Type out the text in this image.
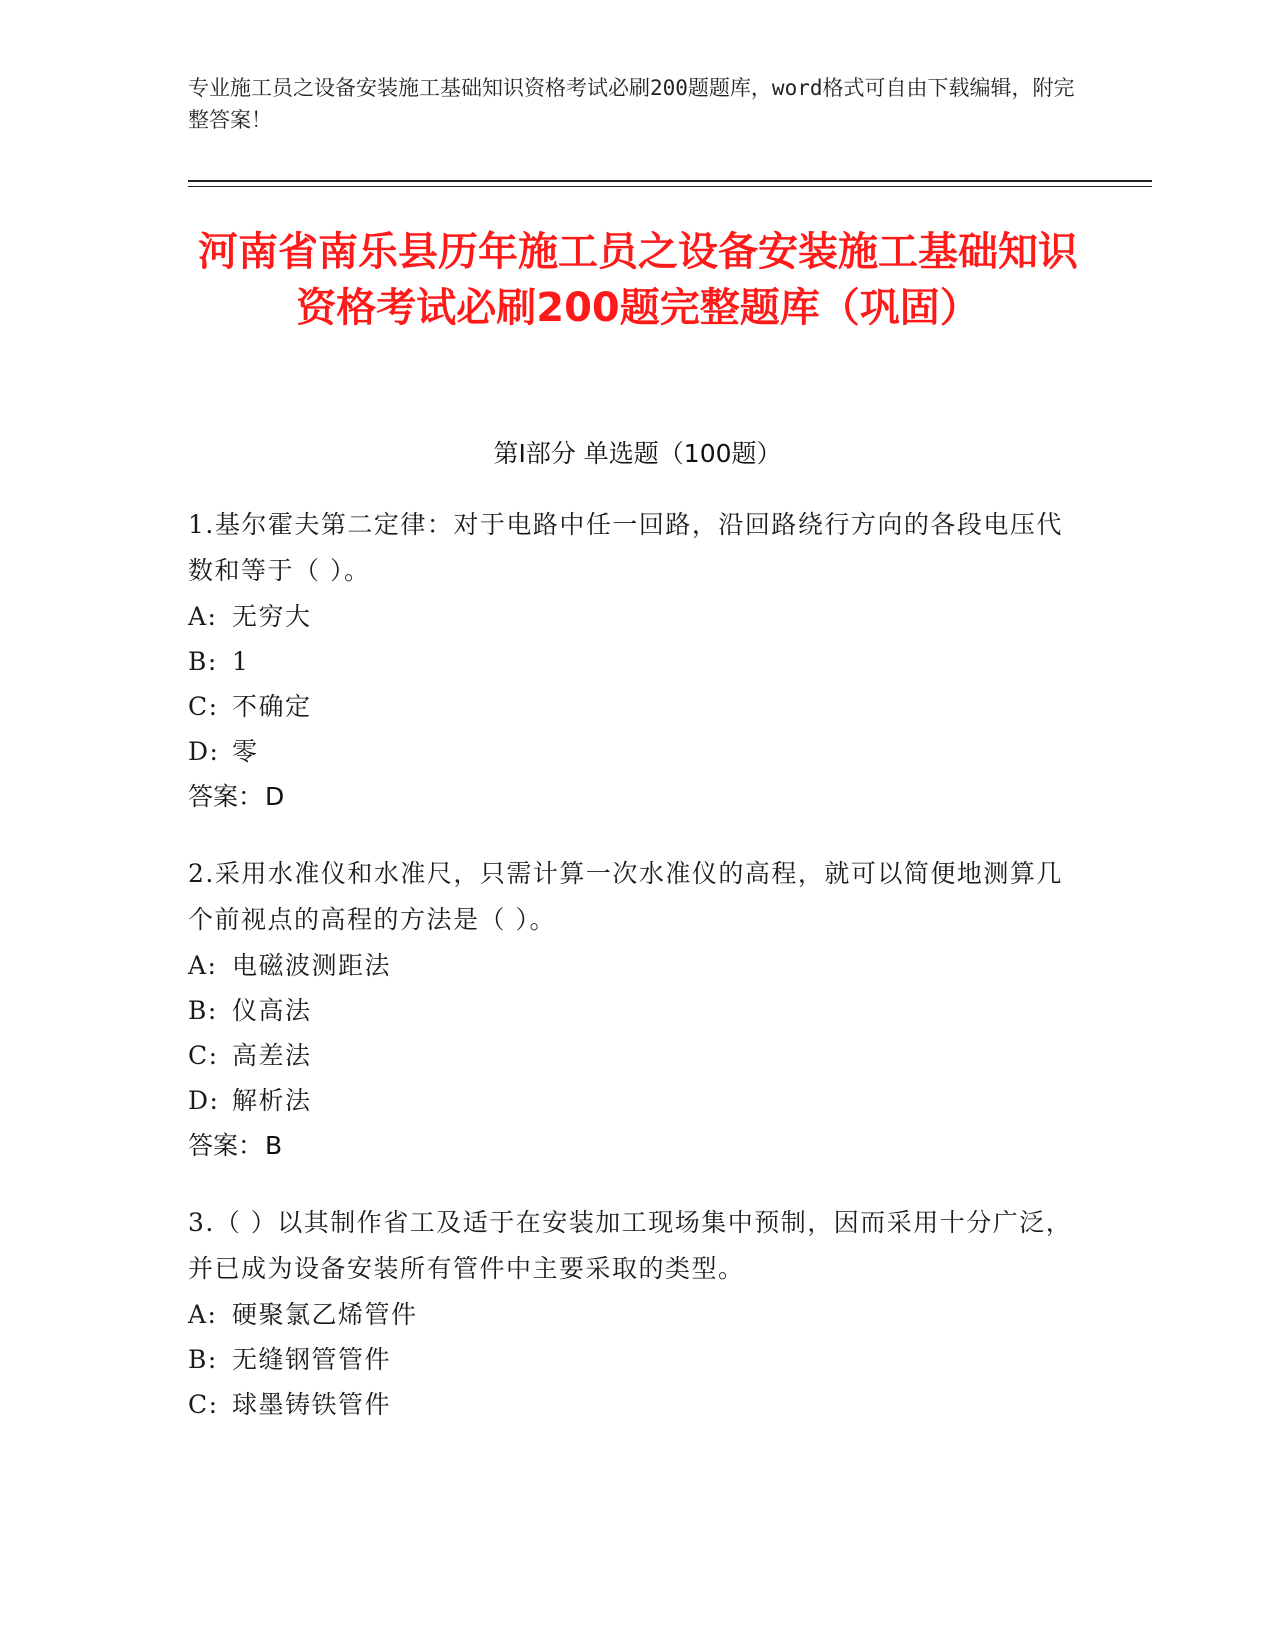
专业施工员之设备安装施工基础知识资格考试必刷200题题库，word格式可自由下载编辑，附完整答案！
河南省南乐县历年施工员之设备安装施工基础知识资格考试必刷200题完整题库（巩固）
第I部分 单选题（100题）
1.基尔霍夫第二定律：对于电路中任一回路，沿回路绕行方向的各段电压代数和等于（ ）。
A: 无穷大
B: 1
C: 不确定
D: 零
答案：D
2.采用水准仪和水准尺，只需计算一次水准仪的高程，就可以简便地测算几个前视点的高程的方法是（ ）。
A: 电磁波测距法
B: 仪高法
C: 高差法
D: 解析法
答案：B
3.（ ）以其制作省工及适于在安装加工现场集中预制，因而采用十分广泛，并已成为设备安装所有管件中主要采取的类型。
A: 硬聚氯乙烯管件
B: 无缝钢管管件
C: 球墨铸铁管件
